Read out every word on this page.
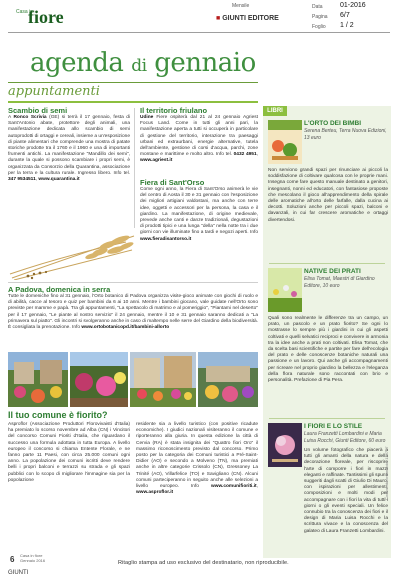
Casa in
fiore
Mensile
■ GIUNTI EDITORE
Data 01-2016
Pagina 6/7
Foglio 1 / 2
agenda di gennaio
appuntamenti
Scambio di semi
A Ronco Scrivia (GE) si terrà il 17 gennaio, festa di Sant'Antonio abate, protettore degli animali, una manifestazione dedicata allo scambio di semi autoprodotti di ortaggi e cereali, insieme a un'esposizione di piante alimentari che comprende una mostra di patate storiche prodotte tra il 1760 e il 1960 e una di importanti frumenti antichi. La manifestazione "Mandillo dei semi", durante la quale si possono scambiare i propri semi, è organizzata da Consorzio della Quarantina, associazione per la terra e la cultura rurale. Ingresso libero. Info tel. 347 9534511, www.quarantina.it
Il territorio friulano
Udine Fiere ospiterà dal 21 al 24 gennaio Agriest Focus Land. Come in tutti gli anni pari, la manifestazione aperta a tutti si occuperà in particolare di gestione del territorio, interazione tra paesaggi urbani ed extraurbani, energie alternative, tutela dell'ambiente, gestione di corsi d'acqua, parchi, zone montane e marittime e molto altro. Info tel. 0432 4951, www.agriest.it
Fiera di Sant'Orso
Come ogni anno, la Fiera di Sant'Orso animerà le vie del centro di Aosta il 30 e 31 gennaio con l'esposizione dei migliori artigiani valdostani, ma anche con terre idee, oggetti e accessori per la persona, la casa e il giardino. La manifestazione, di origine medievale, prevede anche canti e danze tradizionali, degustazioni di prodotti tipici e una lunga "della" nella notte tra i due giorni con vie illuminate fino a tardi e negozi aperti. Info www.fieradisantorso.it
A Padova, domenica in serra
Tutte le domeniche fino al 31 gennaio, l'Orto botanico di Padova organizza visite-gioco animate con giochi di ruolo e di abilità, cacce al tesoro e quiz per bambini da 6 ai 10 anni. Mentre i bambini giocano, vale guidate nell'Orto sono previste per mamme e papà. Tra gli appuntamenti, "La spettacolo di matrimo e al pomeriggio", "Piantami nel deserto" per il 17 gennaio, "Le piante al nostro servizio" il 24 gennaio, mentre il 10 e 31 gennaio saranno dedicati a "La primavera sul piatto". Gli incontri si svolgeranno anche in caso di maltempo nelle serre del Giardino della biodiversità. È consigliata la prenotazione. Info www.ortobotanicopd.it/bambini-allorto
Il tuo comune è fiorito?
Asproflor (Associazione Produttori Florovivaisti d'Italia) ha premiato lo scorso novembre ad Alba (CN) i Vincitori del concorso Comuni Fioriti d'Italia, che riguardano il successo una formula adottata in tutta Europa. A livello europeo il concorso si chiama Entente Florale, e ne fanno parte 11 Paesi, con circa 25.000 comuni ogni anno. La popolazione dei comuni iscritti deve rendere belli i propri balconi e terrazzi su strada e gli spazi pubblici con lo scopo di migliorare l'immagine sia per la popolazione
residente sia a livello turistico (con positive ricadute economiche). I giudici nazionali visiteranno il comune e riporteranno alla giuria. In questa edizione la città di Cervia (RA) è stata insignita dei "Quattro fiori Oro" il massimo riconoscimento previsto dal concorso. Primo posto per la categoria dei Comuni turistici a Pré-Saint-Didier (AO) e secondo a Molveno (TN), ma premiati anche in altre categorie Crissolo (CN), Gressoney La Trinité (AO), Villarfelice (TO) e Savigliano (CN). Alcuni comuni parteciperanno in seguito anche alle selezioni a livello europeo. Info	www.comunifioriti.it, www.asproflor.it
LIBRI
L'ORTO DEI BIMBI
Serena Berteu, Terra Nuova Edizioni, 13 euro
Non serviono grandi spazi per rinunciare ai piccoli la soddisfazione di coltivare qualcosa con le proprie mani. Insegna come fare questo manuale destinato a genitori, insegnanti, nonni ed educatori, con fantasiose proposte che mescolano il gioco all'apprendimento della spirale delle aromatiche all'orto delle farfalle, dalla cucina ai decotti. Soluzioni anche per piccoli spazi, balconi e davanzali, in cui far crescere aromatiche e ortaggi divertendosi.
NATIVE DEI PRATI
Elisa Tomat, Maestri di Giardino Editore, 10 euro
Quali sono realmente le differenze tra un campo, un prato, un pascolo e un prato fiorito? Se ogni lo mostrasse lo sempre più i giardini in cui gli aspetti coltivati e quelli selvatici reciproci e convivere in armonia tra la idee anche a prati non coltivati. Elisa Tomat, che da scelta basi scientifiche e partite per fare dell'ecologia del prato e delle conoscenze botaniche naturali una passione e un lavoro. Qui anche gli accompagnamenti per ricreare nel proprio giardino la bellezza e l'eleganza della flora naturale sono raccontati con brio e personalità. Prefazione di Pia Pera.
I FIORI E LO STILE
Laura Franzetti Lombardini e Maria Luisa Rocchi, Giunti Editore, 60 euro
Un volume fotografico che piacerà a tutti gli amanti della natura e della decorazione floreale, per riscoprire l'arte di comporre i fiori in mazzi eleganti e raffinate. Tantissimi gli spunti suggeriti dagli scatti di Giulio Di Mauro, con ispirazioni per allestimenti, composizioni e molti modi per accompagnare con i fiori la vita di tutti i giorni o gli eventi speciali. Un felice connubio tra la conoscenza dei fiori e il design di Maria Luisa Rocchi e la scrittura vivace e la conoscenza del galateo di Laura Franzetti Lombardini.
6 Casa in fiore
Gennaio 2016	Ritaglio stampa ad uso esclusivo del destinatario, non riproducibile.
GIUNTI
Codice abbonamento: 126717
